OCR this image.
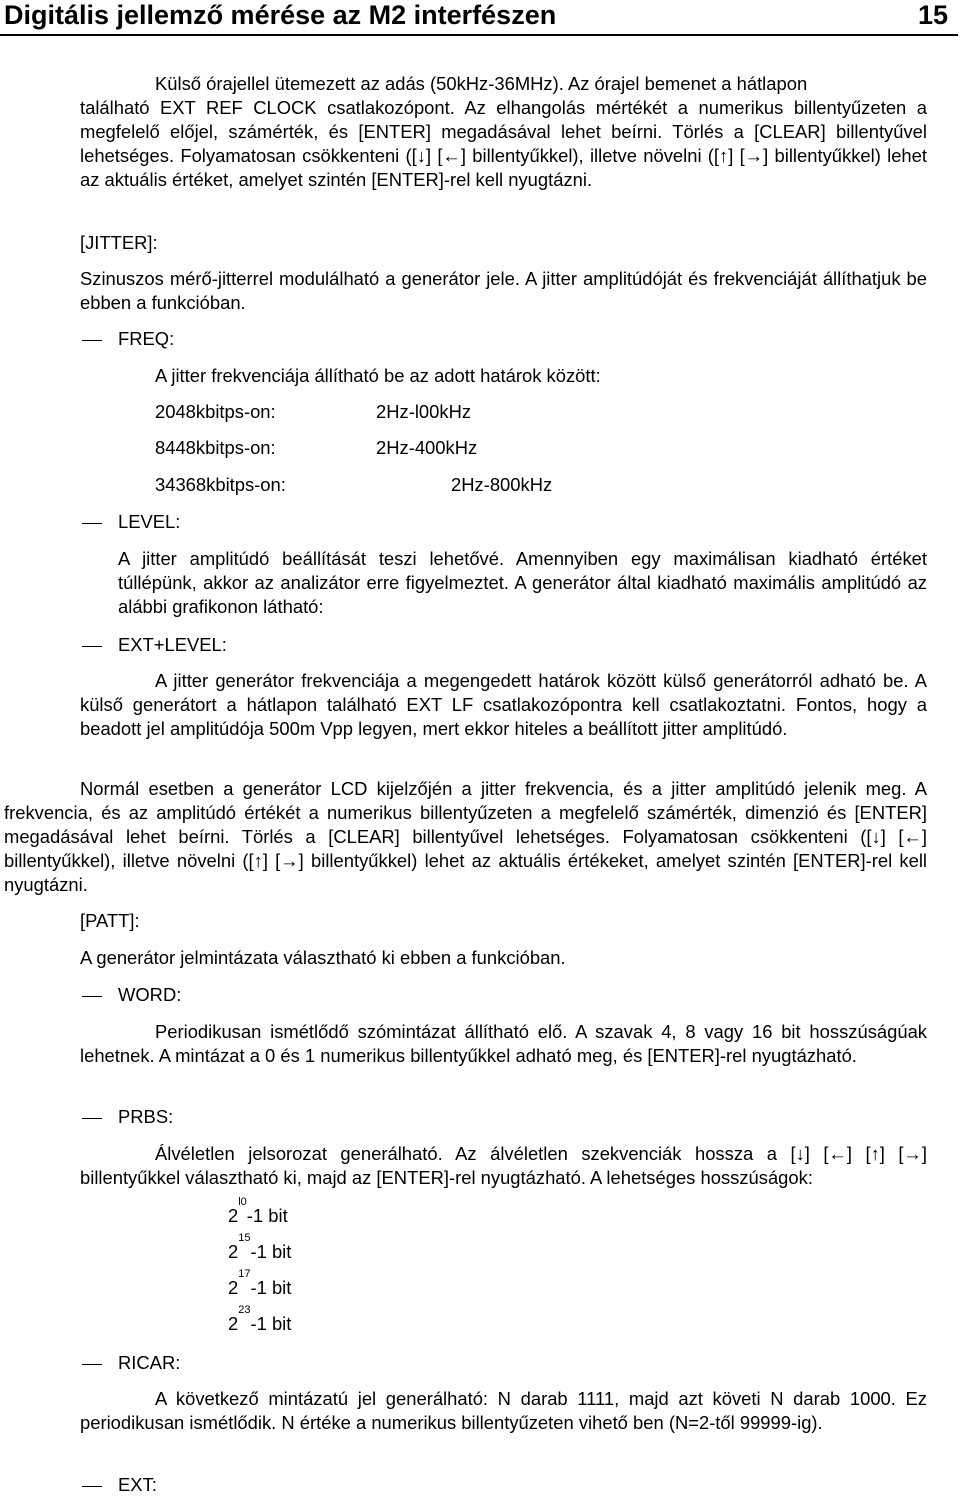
Digitális jellemző mérése az M2 interfészen	15
Külső órajellel ütemezett az adás (50kHz-36MHz). Az órajel bemenet a hátlapon
található EXT REF CLOCK csatlakozópont. Az elhangolás mértékét a numerikus billentyűzeten a megfelelő előjel, számérték, és [ENTER] megadásával lehet beírni. Törlés a [CLEAR] billentyűvel lehetséges. Folyamatosan csökkenteni ([↓] [←] billentyűkkel), illetve növelni ([↑] [→] billentyűkkel) lehet az aktuális értéket, amelyet szintén [ENTER]-rel kell nyugtázni.
[JITTER]:
Szinuszos mérő-jitterrel modulálható a generátor jele. A jitter amplitúdóját és frekvenciáját állíthatjuk be ebben a funkcióban.
FREQ:
A jitter frekvenciája állítható be az adott határok között:
2048kbitps-on:	2Hz-l00kHz
8448kbitps-on:	2Hz-400kHz
34368kbitps-on:	2Hz-800kHz
LEVEL:
A jitter amplitúdó beállítását teszi lehetővé. Amennyiben egy maximálisan kiadható értéket túllépünk, akkor az analizátor erre figyelmeztet. A generátor által kiadható maximális amplitúdó az alábbi grafikonon látható:
EXT+LEVEL:
A jitter generátor frekvenciája a megengedett határok között külső generátorról adható be. A külső generátort a hátlapon található EXT LF csatlakozópontra kell csatlakoztatni. Fontos, hogy a beadott jel amplitúdója 500m Vpp legyen, mert ekkor hiteles a beállított jitter amplitúdó.
Normál esetben a generátor LCD kijelzőjén a jitter frekvencia, és a jitter amplitúdó jelenik meg. A frekvencia, és az amplitúdó értékét a numerikus billentyűzeten a megfelelő számérték, dimenzió és [ENTER] megadásával lehet beírni. Törlés a [CLEAR] billentyűvel lehetséges. Folyamatosan csökkenteni ([↓] [←] billentyűkkel), illetve növelni ([↑] [→] billentyűkkel) lehet az aktuális értékeket, amelyet szintén [ENTER]-rel kell nyugtázni.
[PATT]:
A generátor jelmintázata választható ki ebben a funkcióban.
WORD:
Periodikusan ismétlődő szómintázat állítható elő. A szavak 4, 8 vagy 16 bit hosszúságúak lehetnek. A mintázat a 0 és 1 numerikus billentyűkkel adható meg, és [ENTER]-rel nyugtázható.
PRBS:
Álvéletlen jelsorozat generálható. Az álvéletlen szekvenciák hossza a [↓] [←] [↑] [→] billentyűkkel választható ki, majd az [ENTER]-rel nyugtázható. A lehetséges hosszúságok:
$2^{l0}-1$ bit
$2^{15}-1$ bit
$2^{17}-1$ bit
$2^{23}-1$ bit
RICAR:
A következő mintázatú jel generálható: N darab 1111, majd azt követi N darab 1000. Ez periodikusan ismétlődik. N értéke a numerikus billentyűzeten vihető ben (N=2-től 99999-ig).
EXT:
